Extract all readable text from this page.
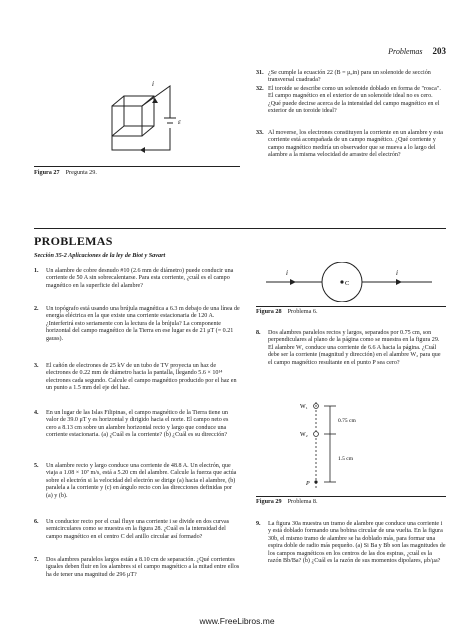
Problemas 203
i
ε
Figura 27 Pregunta 29.
31. ¿Se cumple la ecuación 22 (B = μ₀in) para un solenoide de sección transversal cuadrada?
32. El toroide se describe como un solenoide doblado en forma de "rosca". El campo magnético en el exterior de un solenoide ideal no es cero. ¿Qué puede decirse acerca de la intensidad del campo magnético en el exterior de un toroide ideal?
33. Al moverse, los electrones constituyen la corriente en un alambre y esta corriente está acompañada de un campo magnético. ¿Qué corriente y campo magnético mediría un observador que se mueva a lo largo del alambre a la misma velocidad de arrastre del electrón?
PROBLEMAS
Sección 35-2 Aplicaciones de la ley de Biot y Savart
1. Un alambre de cobre desnudo #10 (2.6 mm de diámetro) puede conducir una corriente de 50 A sin sobrecalentarse. Para esta corriente, ¿cuál es el campo magnético en la superficie del alambre?
2. Un topógrafo está usando una brújula magnética a 6.3 m debajo de una línea de energía eléctrica en la que existe una corriente estacionaria de 120 A. ¿Interferirá esto seriamente con la lectura de la brújula? La componente horizontal del campo magnético de la Tierra en ese lugar es de 21 μT (= 0.21 gauss).
3. El cañón de electrones de 25 kV de un tubo de TV proyecta un haz de electrones de 0.22 mm de diámetro hacia la pantalla, llegando 5.6 × 10¹⁴ electrones cada segundo. Calcule el campo magnético producido por el haz en un punto a 1.5 mm del eje del haz.
4. En un lugar de las Islas Filipinas, el campo magnético de la Tierra tiene un valor de 39.0 μT y es horizontal y dirigido hacia el norte. El campo neto es cero a 8.13 cm sobre un alambre horizontal recto y largo que conduce una corriente estacionaria. (a) ¿Cuál es la corriente? (b) ¿Cuál es su dirección?
5. Un alambre recto y largo conduce una corriente de 48.8 A. Un electrón, que viaja a 1.08 × 10⁷ m/s, está a 5.20 cm del alambre. Calcule la fuerza que actúa sobre el electrón si la velocidad del electrón se dirige (a) hacia el alambre, (b) paralela a la corriente y (c) en ángulo recto con las direcciones definidas por (a) y (b).
6. Un conductor recto por el cual fluye una corriente i se divide en dos curvas semicirculares como se muestra en la figura 28. ¿Cuál es la intensidad del campo magnético en el centro C del anillo circular así formado?
7. Dos alambres paralelos largos están a 8.10 cm de separación. ¿Qué corrientes iguales deben fluir en los alambres si el campo magnético a la mitad entre ellos ha de tener una magnitud de 296 μT?
i	i
C
Figura 28 Problema 6.
8. Dos alambres paralelos rectos y largos, separados por 0.75 cm, son perpendiculares al plano de la página como se muestra en la figura 29. El alambre W₁ conduce una corriente de 6.6 A hacia la página. ¿Cuál debe ser la corriente (magnitud y dirección) en el alambre W₂ para que el campo magnético resultante en el punto P sea cero?
W₁
W₂
P
0.75 cm
1.5 cm
Figura 29 Problema 8.
9. La figura 30a muestra un tramo de alambre que conduce una corriente i y está doblado formando una bobina circular de una vuelta. En la figura 30b, el mismo tramo de alambre se ha doblado más, para formar una espira doble de radio más pequeño. (a) Si Ba y Bb son las magnitudes de los campos magnéticos en los centros de las dos espiras, ¿cuál es la razón Bb/Ba? (b) ¿Cuál es la razón de sus momentos dipolares, μb/μa?
www.FreeLibros.me
